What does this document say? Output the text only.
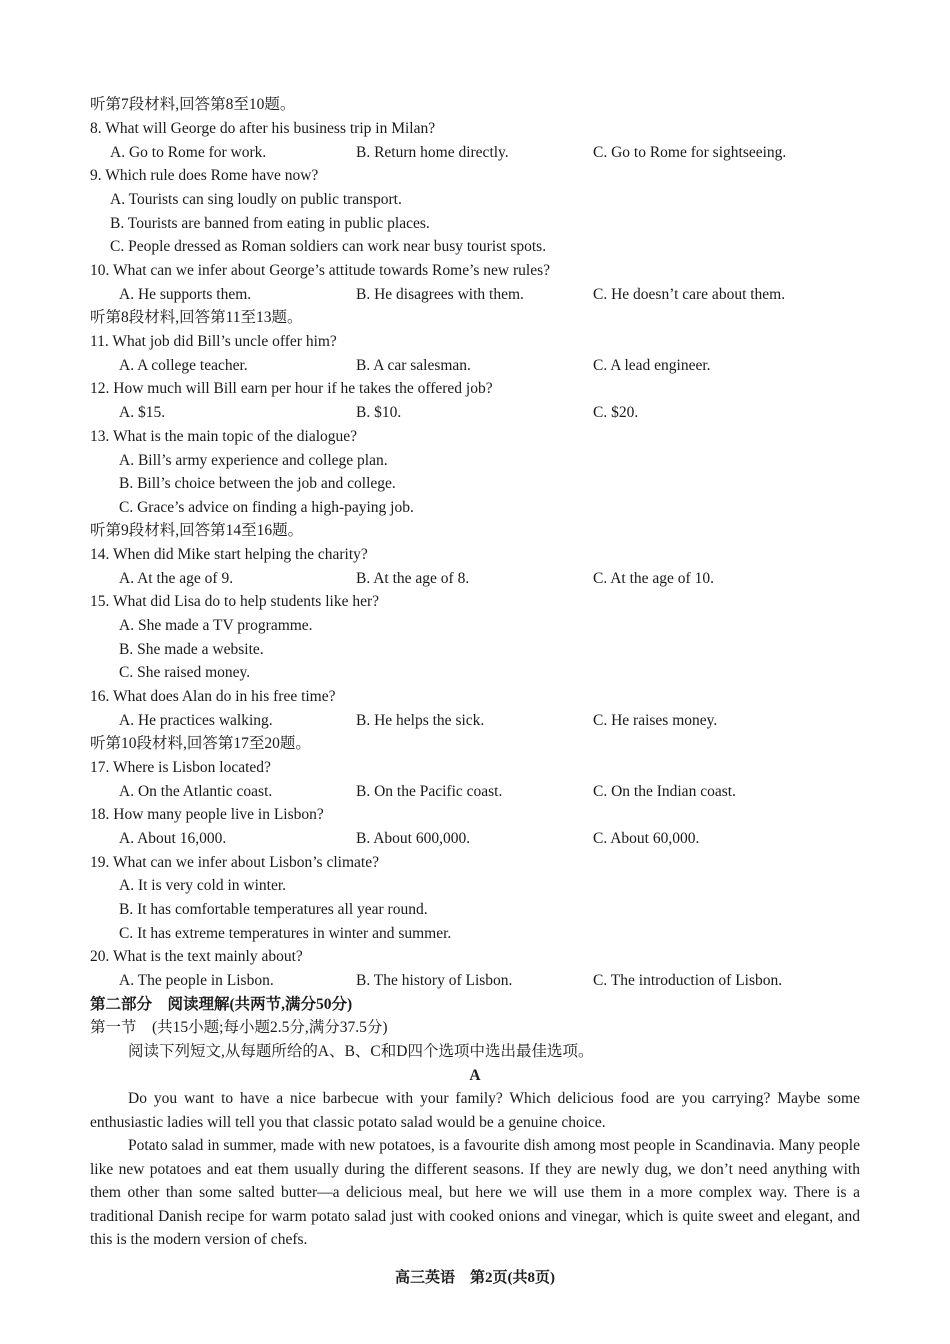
听第7段材料,回答第8至10题。
8. What will George do after his business trip in Milan?
A. Go to Rome for work.	B. Return home directly.	C. Go to Rome for sightseeing.
9. Which rule does Rome have now?
A. Tourists can sing loudly on public transport.
B. Tourists are banned from eating in public places.
C. People dressed as Roman soldiers can work near busy tourist spots.
10. What can we infer about George’s attitude towards Rome’s new rules?
A. He supports them.	B. He disagrees with them.	C. He doesn’t care about them.
听第8段材料,回答第11至13题。
11. What job did Bill’s uncle offer him?
A. A college teacher.	B. A car salesman.	C. A lead engineer.
12. How much will Bill earn per hour if he takes the offered job?
A. $15.	B. $10.	C. $20.
13. What is the main topic of the dialogue?
A. Bill’s army experience and college plan.
B. Bill’s choice between the job and college.
C. Grace’s advice on finding a high-paying job.
听第9段材料,回答第14至16题。
14. When did Mike start helping the charity?
A. At the age of 9.	B. At the age of 8.	C. At the age of 10.
15. What did Lisa do to help students like her?
A. She made a TV programme.
B. She made a website.
C. She raised money.
16. What does Alan do in his free time?
A. He practices walking.	B. He helps the sick.	C. He raises money.
听第10段材料,回答第17至20题。
17. Where is Lisbon located?
A. On the Atlantic coast.	B. On the Pacific coast.	C. On the Indian coast.
18. How many people live in Lisbon?
A. About 16,000.	B. About 600,000.	C. About 60,000.
19. What can we infer about Lisbon’s climate?
A. It is very cold in winter.
B. It has comfortable temperatures all year round.
C. It has extreme temperatures in winter and summer.
20. What is the text mainly about?
A. The people in Lisbon.	B. The history of Lisbon.	C. The introduction of Lisbon.
第二部分　阅读理解(共两节,满分50分)
第一节　(共15小题;每小题2.5分,满分37.5分)
阅读下列短文,从每题所给的A、B、C和D四个选项中选出最佳选项。
A

Do you want to have a nice barbecue with your family? Which delicious food are you carrying? Maybe some enthusiastic ladies will tell you that classic potato salad would be a genuine choice.

Potato salad in summer, made with new potatoes, is a favourite dish among most people in Scandinavia. Many people like new potatoes and eat them usually during the different seasons. If they are newly dug, we don’t need anything with them other than some salted butter—a delicious meal, but here we will use them in a more complex way. There is a traditional Danish recipe for warm potato salad just with cooked onions and vinegar, which is quite sweet and elegant, and this is the modern version of chefs.

高三英语　第2页(共8页)
